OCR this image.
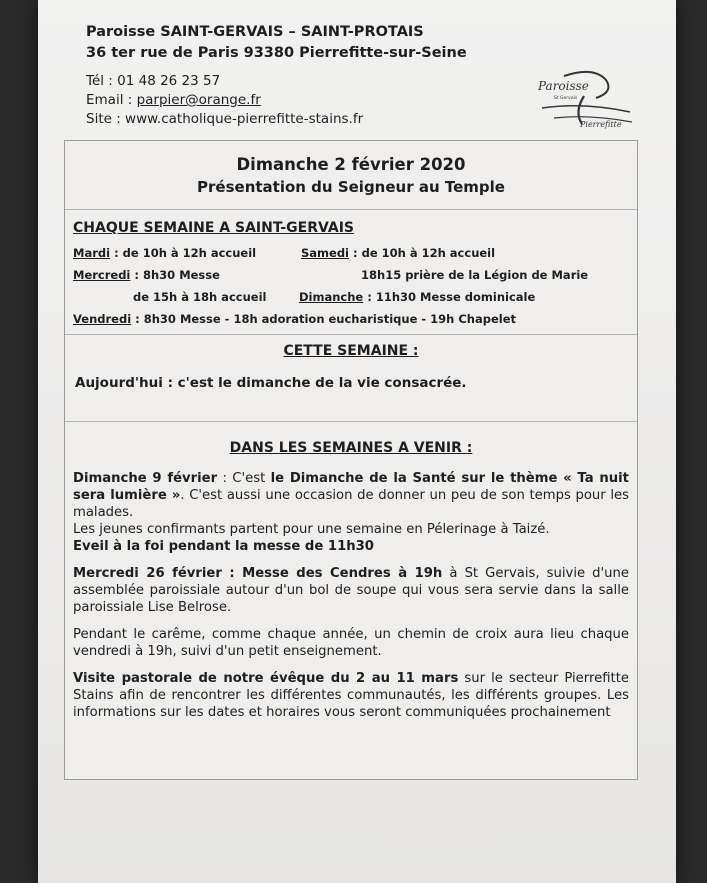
Paroisse SAINT-GERVAIS – SAINT-PROTAIS
36 ter rue de Paris 93380 Pierrefitte-sur-Seine
Tél : 01 48 26 23 57
Email : parpier@orange.fr
Site : www.catholique-pierrefitte-stains.fr
Paroisse
St Gervais
Pierrefitte
Dimanche 2 février 2020
Présentation du Seigneur au Temple
CHAQUE SEMAINE A SAINT-GERVAIS
Mardi : de 10h à 12h accueil
Mercredi : 8h30 Messe
de 15h à 18h accueil
Vendredi : 8h30 Messe - 18h adoration eucharistique - 19h Chapelet
Samedi : de 10h à 12h accueil
18h15 prière de la Légion de Marie
Dimanche : 11h30 Messe dominicale
CETTE SEMAINE :
Aujourd'hui : c'est le dimanche de la vie consacrée.
DANS LES SEMAINES A VENIR :

Dimanche 9 février : C'est le Dimanche de la Santé sur le thème « Ta nuit sera lumière ». C'est aussi une occasion de donner un peu de son temps pour les malades.
Les jeunes confirmants partent pour une semaine en Pélerinage à Taizé.
Eveil à la foi pendant la messe de 11h30

Mercredi 26 février : Messe des Cendres à 19h à St Gervais, suivie d'une assemblée paroissiale autour d'un bol de soupe qui vous sera servie dans la salle paroissiale Lise Belrose.

Pendant le carême, comme chaque année, un chemin de croix aura lieu chaque vendredi à 19h, suivi d'un petit enseignement.

Visite pastorale de notre évêque du 2 au 11 mars sur le secteur Pierrefitte Stains afin de rencontrer les différentes communautés, les différents groupes. Les informations sur les dates et horaires vous seront communiquées prochainement
